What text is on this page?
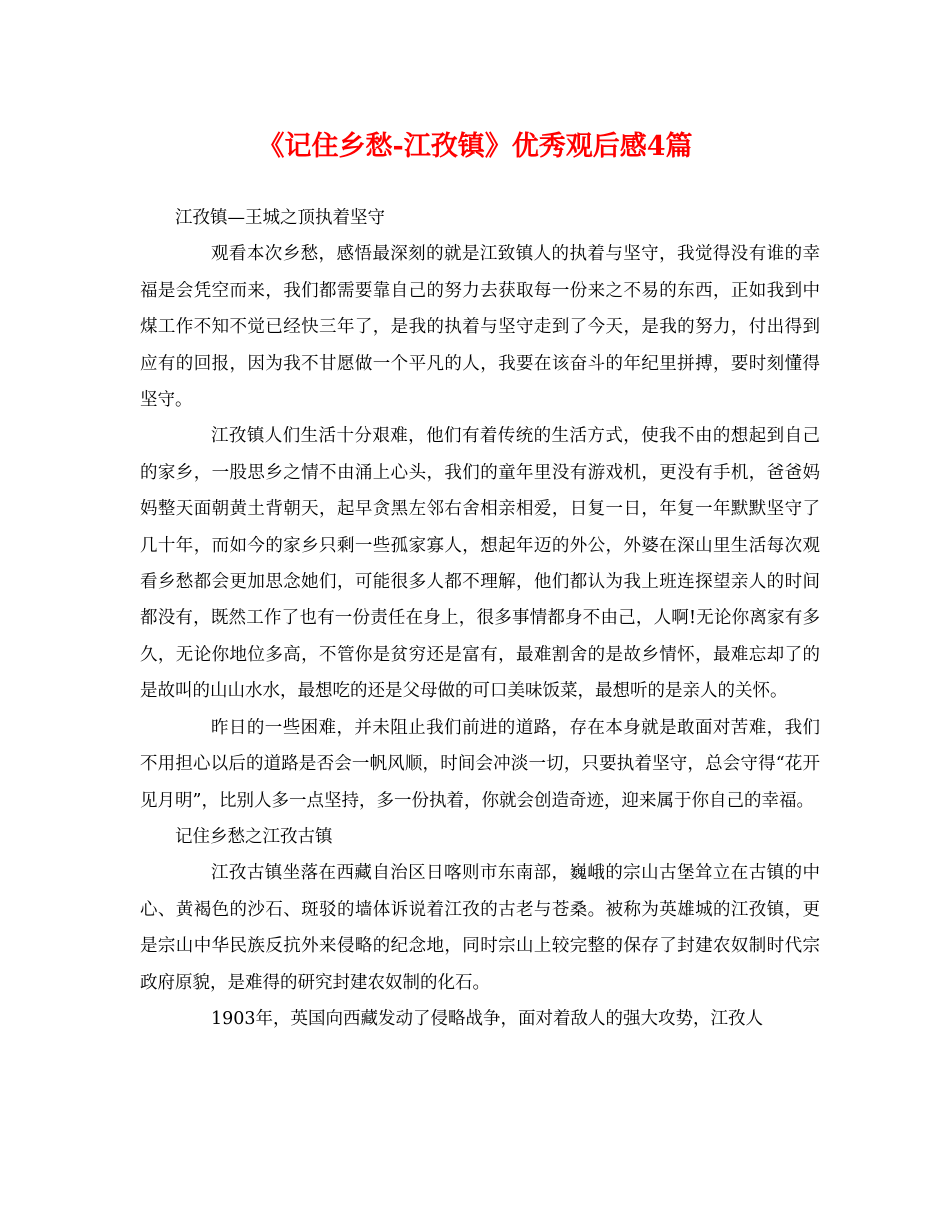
《记住乡愁-江孜镇》优秀观后感4篇

江孜镇—王城之顶执着坚守

观看本次乡愁，感悟最深刻的就是江致镇人的执着与坚守，我觉得没有谁的幸福是会凭空而来，我们都需要靠自己的努力去获取每一份来之不易的东西，正如我到中煤工作不知不觉已经快三年了，是我的执着与坚守走到了今天，是我的努力，付出得到应有的回报，因为我不甘愿做一个平凡的人，我要在该奋斗的年纪里拼搏，要时刻懂得坚守。

江孜镇人们生活十分艰难，他们有着传统的生活方式，使我不由的想起到自己的家乡，一股思乡之情不由涌上心头，我们的童年里没有游戏机，更没有手机，爸爸妈妈整天面朝黄土背朝天，起早贪黑左邻右舍相亲相爱，日复一日，年复一年默默坚守了几十年，而如今的家乡只剩一些孤家寡人，想起年迈的外公，外婆在深山里生活每次观看乡愁都会更加思念她们，可能很多人都不理解，他们都认为我上班连探望亲人的时间都没有，既然工作了也有一份责任在身上，很多事情都身不由己，人啊!无论你离家有多久，无论你地位多高，不管你是贫穷还是富有，最难割舍的是故乡情怀，最难忘却了的是故叫的山山水水，最想吃的还是父母做的可口美味饭菜，最想听的是亲人的关怀。

昨日的一些困难，并未阻止我们前进的道路，存在本身就是敢面对苦难，我们不用担心以后的道路是否会一帆风顺，时间会冲淡一切，只要执着坚守，总会守得“花开见月明”，比别人多一点坚持，多一份执着，你就会创造奇迹，迎来属于你自己的幸福。

记住乡愁之江孜古镇

江孜古镇坐落在西藏自治区日喀则市东南部，巍峨的宗山古堡耸立在古镇的中心、黄褐色的沙石、斑驳的墙体诉说着江孜的古老与苍桑。被称为英雄城的江孜镇，更是宗山中华民族反抗外来侵略的纪念地，同时宗山上较完整的保存了封建农奴制时代宗政府原貌，是难得的研究封建农奴制的化石。

1903年，英国向西藏发动了侵略战争，面对着敌人的强大攻势，江孜人
